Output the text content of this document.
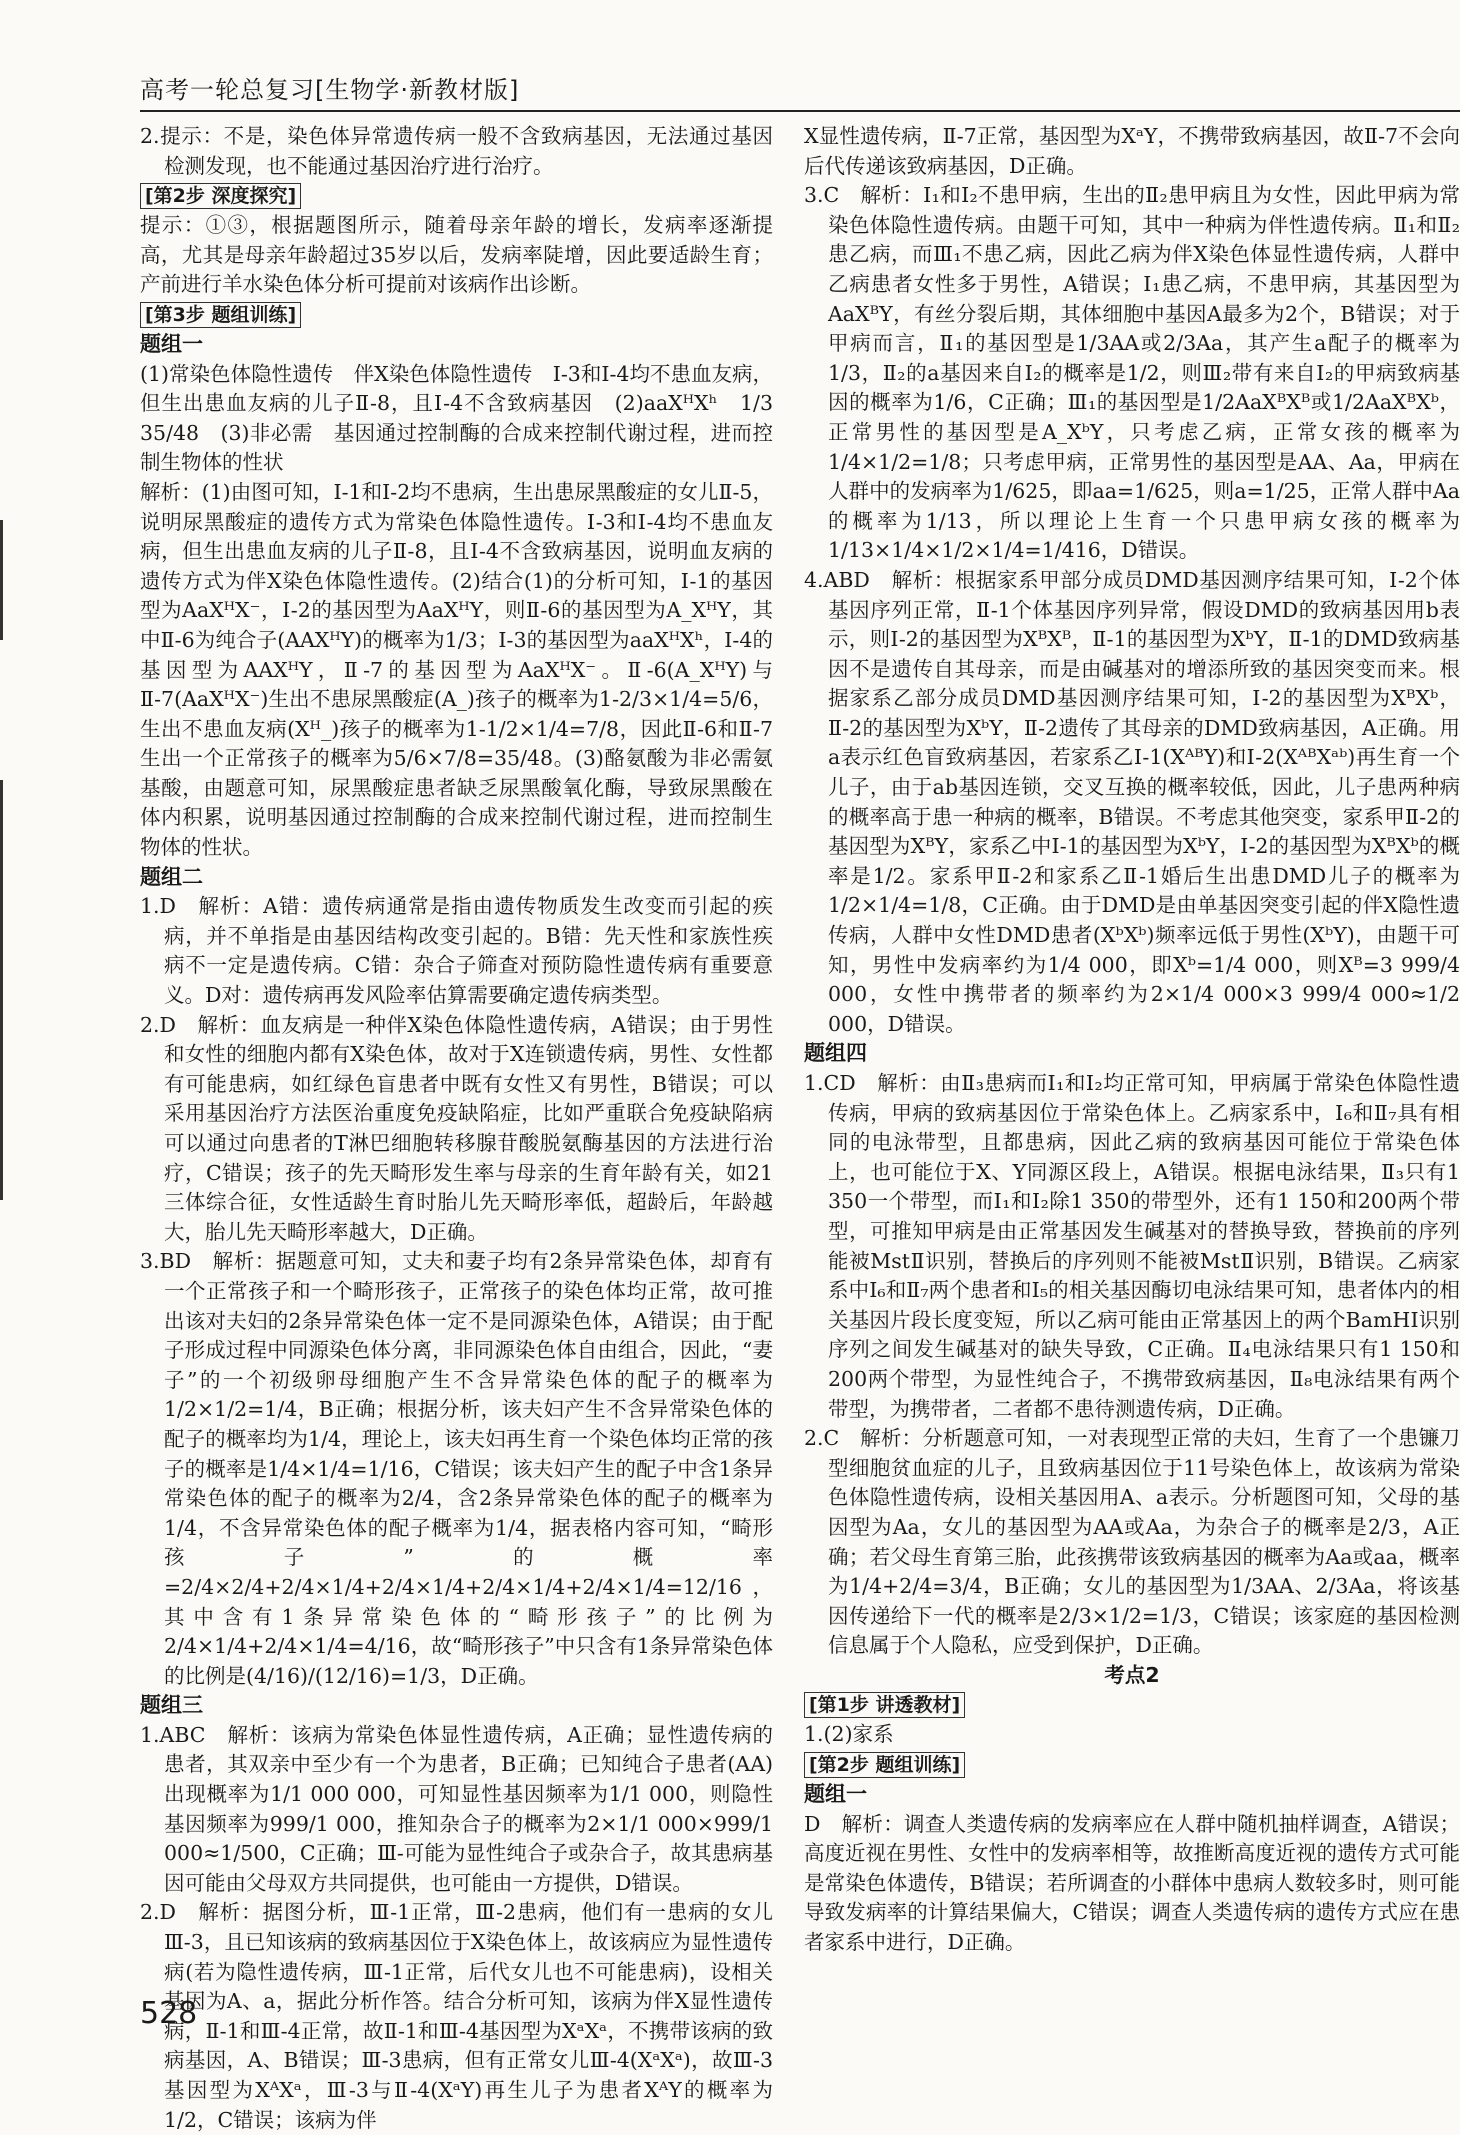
高考一轮总复习[生物学·新教材版]
2.提示：不是，染色体异常遗传病一般不含致病基因，无法通过基因检测发现，也不能通过基因治疗进行治疗。
[第2步 深度探究]
提示：①③，根据题图所示，随着母亲年龄的增长，发病率逐渐提高，尤其是母亲年龄超过35岁以后，发病率陡增，因此要适龄生育；产前进行羊水染色体分析可提前对该病作出诊断。
[第3步 题组训练]
题组一
(1)常染色体隐性遗传　伴X染色体隐性遗传　Ⅰ-3和Ⅰ-4均不患血友病，但生出患血友病的儿子Ⅱ-8，且Ⅰ-4不含致病基因　(2)aaXᴴXʰ　1/3　35/48　(3)非必需　基因通过控制酶的合成来控制代谢过程，进而控制生物体的性状
解析：(1)由图可知，Ⅰ-1和Ⅰ-2均不患病，生出患尿黑酸症的女儿Ⅱ-5，说明尿黑酸症的遗传方式为常染色体隐性遗传。Ⅰ-3和Ⅰ-4均不患血友病，但生出患血友病的儿子Ⅱ-8，且Ⅰ-4不含致病基因，说明血友病的遗传方式为伴X染色体隐性遗传。(2)结合(1)的分析可知，Ⅰ-1的基因型为AaXᴴX⁻，Ⅰ-2的基因型为AaXᴴY，则Ⅱ-6的基因型为A_XᴴY，其中Ⅱ-6为纯合子(AAXᴴY)的概率为1/3；Ⅰ-3的基因型为aaXᴴXʰ，Ⅰ-4的基因型为AAXᴴY，Ⅱ-7的基因型为AaXᴴX⁻。Ⅱ-6(A_XᴴY)与Ⅱ-7(AaXᴴX⁻)生出不患尿黑酸症(A_)孩子的概率为1-2/3×1/4=5/6，生出不患血友病(Xᴴ_)孩子的概率为1-1/2×1/4=7/8，因此Ⅱ-6和Ⅱ-7生出一个正常孩子的概率为5/6×7/8=35/48。(3)酪氨酸为非必需氨基酸，由题意可知，尿黑酸症患者缺乏尿黑酸氧化酶，导致尿黑酸在体内积累，说明基因通过控制酶的合成来控制代谢过程，进而控制生物体的性状。
题组二
1.D　解析：A错：遗传病通常是指由遗传物质发生改变而引起的疾病，并不单指是由基因结构改变引起的。B错：先天性和家族性疾病不一定是遗传病。C错：杂合子筛查对预防隐性遗传病有重要意义。D对：遗传病再发风险率估算需要确定遗传病类型。
2.D　解析：血友病是一种伴X染色体隐性遗传病，A错误；由于男性和女性的细胞内都有X染色体，故对于X连锁遗传病，男性、女性都有可能患病，如红绿色盲患者中既有女性又有男性，B错误；可以采用基因治疗方法医治重度免疫缺陷症，比如严重联合免疫缺陷病可以通过向患者的T淋巴细胞转移腺苷酸脱氨酶基因的方法进行治疗，C错误；孩子的先天畸形发生率与母亲的生育年龄有关，如21三体综合征，女性适龄生育时胎儿先天畸形率低，超龄后，年龄越大，胎儿先天畸形率越大，D正确。
3.BD　解析：据题意可知，丈夫和妻子均有2条异常染色体，却育有一个正常孩子和一个畸形孩子，正常孩子的染色体均正常，故可推出该对夫妇的2条异常染色体一定不是同源染色体，A错误；由于配子形成过程中同源染色体分离，非同源染色体自由组合，因此，“妻子”的一个初级卵母细胞产生不含异常染色体的配子的概率为1/2×1/2=1/4，B正确；根据分析，该夫妇产生不含异常染色体的配子的概率均为1/4，理论上，该夫妇再生育一个染色体均正常的孩子的概率是1/4×1/4=1/16，C错误；该夫妇产生的配子中含1条异常染色体的配子的概率为2/4，含2条异常染色体的配子的概率为1/4，不含异常染色体的配子概率为1/4，据表格内容可知，“畸形孩子”的概率=2/4×2/4+2/4×1/4+2/4×1/4+2/4×1/4+2/4×1/4=12/16，其中含有1条异常染色体的“畸形孩子”的比例为2/4×1/4+2/4×1/4=4/16，故“畸形孩子”中只含有1条异常染色体的比例是(4/16)/(12/16)=1/3，D正确。
题组三
1.ABC　解析：该病为常染色体显性遗传病，A正确；显性遗传病的患者，其双亲中至少有一个为患者，B正确；已知纯合子患者(AA)出现概率为1/1 000 000，可知显性基因频率为1/1 000，则隐性基因频率为999/1 000，推知杂合子的概率为2×1/1 000×999/1 000≈1/500，C正确；Ⅲ-可能为显性纯合子或杂合子，故其患病基因可能由父母双方共同提供，也可能由一方提供，D错误。
2.D　解析：据图分析，Ⅲ-1正常，Ⅲ-2患病，他们有一患病的女儿Ⅲ-3，且已知该病的致病基因位于X染色体上，故该病应为显性遗传病(若为隐性遗传病，Ⅲ-1正常，后代女儿也不可能患病)，设相关基因为A、a，据此分析作答。结合分析可知，该病为伴X显性遗传病，Ⅱ-1和Ⅲ-4正常，故Ⅱ-1和Ⅲ-4基因型为XᵃXᵃ，不携带该病的致病基因，A、B错误；Ⅲ-3患病，但有正常女儿Ⅲ-4(XᵃXᵃ)，故Ⅲ-3基因型为XᴬXᵃ，Ⅲ-3与Ⅱ-4(XᵃY)再生儿子为患者XᴬY的概率为1/2，C错误；该病为伴
X显性遗传病，Ⅱ-7正常，基因型为XᵃY，不携带致病基因，故Ⅱ-7不会向后代传递该致病基因，D正确。
3.C　解析：Ⅰ₁和Ⅰ₂不患甲病，生出的Ⅱ₂患甲病且为女性，因此甲病为常染色体隐性遗传病。由题干可知，其中一种病为伴性遗传病。Ⅱ₁和Ⅱ₂患乙病，而Ⅲ₁不患乙病，因此乙病为伴X染色体显性遗传病，人群中乙病患者女性多于男性，A错误；Ⅰ₁患乙病，不患甲病，其基因型为AaXᴮY，有丝分裂后期，其体细胞中基因A最多为2个，B错误；对于甲病而言，Ⅱ₁的基因型是1/3AA或2/3Aa，其产生a配子的概率为1/3，Ⅱ₂的a基因来自Ⅰ₂的概率是1/2，则Ⅲ₂带有来自Ⅰ₂的甲病致病基因的概率为1/6，C正确；Ⅲ₁的基因型是1/2AaXᴮXᴮ或1/2AaXᴮXᵇ，正常男性的基因型是A_XᵇY，只考虑乙病，正常女孩的概率为1/4×1/2=1/8；只考虑甲病，正常男性的基因型是AA、Aa，甲病在人群中的发病率为1/625，即aa=1/625，则a=1/25，正常人群中Aa的概率为1/13，所以理论上生育一个只患甲病女孩的概率为1/13×1/4×1/2×1/4=1/416，D错误。
4.ABD　解析：根据家系甲部分成员DMD基因测序结果可知，Ⅰ-2个体基因序列正常，Ⅱ-1个体基因序列异常，假设DMD的致病基因用b表示，则Ⅰ-2的基因型为XᴮXᴮ，Ⅱ-1的基因型为XᵇY，Ⅱ-1的DMD致病基因不是遗传自其母亲，而是由碱基对的增添所致的基因突变而来。根据家系乙部分成员DMD基因测序结果可知，Ⅰ-2的基因型为XᴮXᵇ，Ⅱ-2的基因型为XᵇY，Ⅱ-2遗传了其母亲的DMD致病基因，A正确。用a表示红色盲致病基因，若家系乙Ⅰ-1(XᴬᴮY)和Ⅰ-2(XᴬᴮXᵃᵇ)再生育一个儿子，由于ab基因连锁，交叉互换的概率较低，因此，儿子患两种病的概率高于患一种病的概率，B错误。不考虑其他突变，家系甲Ⅱ-2的基因型为XᴮY，家系乙中Ⅰ-1的基因型为XᵇY，Ⅰ-2的基因型为XᴮXᵇ的概率是1/2。家系甲Ⅱ-2和家系乙Ⅱ-1婚后生出患DMD儿子的概率为1/2×1/4=1/8，C正确。由于DMD是由单基因突变引起的伴X隐性遗传病，人群中女性DMD患者(XᵇXᵇ)频率远低于男性(XᵇY)，由题干可知，男性中发病率约为1/4 000，即Xᵇ=1/4 000，则Xᴮ=3 999/4 000，女性中携带者的频率约为2×1/4 000×3 999/4 000≈1/2 000，D错误。
题组四
1.CD　解析：由Ⅱ₃患病而Ⅰ₁和Ⅰ₂均正常可知，甲病属于常染色体隐性遗传病，甲病的致病基因位于常染色体上。乙病家系中，Ⅰ₆和Ⅱ₇具有相同的电泳带型，且都患病，因此乙病的致病基因可能位于常染色体上，也可能位于X、Y同源区段上，A错误。根据电泳结果，Ⅱ₃只有1 350一个带型，而Ⅰ₁和Ⅰ₂除1 350的带型外，还有1 150和200两个带型，可推知甲病是由正常基因发生碱基对的替换导致，替换前的序列能被MstⅡ识别，替换后的序列则不能被MstⅡ识别，B错误。乙病家系中Ⅰ₆和Ⅱ₇两个患者和Ⅰ₅的相关基因酶切电泳结果可知，患者体内的相关基因片段长度变短，所以乙病可能由正常基因上的两个BamHⅠ识别序列之间发生碱基对的缺失导致，C正确。Ⅱ₄电泳结果只有1 150和200两个带型，为显性纯合子，不携带致病基因，Ⅱ₈电泳结果有两个带型，为携带者，二者都不患待测遗传病，D正确。
2.C　解析：分析题意可知，一对表现型正常的夫妇，生育了一个患镰刀型细胞贫血症的儿子，且致病基因位于11号染色体上，故该病为常染色体隐性遗传病，设相关基因用A、a表示。分析题图可知，父母的基因型为Aa，女儿的基因型为AA或Aa，为杂合子的概率是2/3，A正确；若父母生育第三胎，此孩携带该致病基因的概率为Aa或aa，概率为1/4+2/4=3/4，B正确；女儿的基因型为1/3AA、2/3Aa，将该基因传递给下一代的概率是2/3×1/2=1/3，C错误；该家庭的基因检测信息属于个人隐私，应受到保护，D正确。
考点2
[第1步 讲透教材]
1.(2)家系
[第2步 题组训练]
题组一
D　解析：调查人类遗传病的发病率应在人群中随机抽样调查，A错误；高度近视在男性、女性中的发病率相等，故推断高度近视的遗传方式可能是常染色体遗传，B错误；若所调查的小群体中患病人数较多时，则可能导致发病率的计算结果偏大，C错误；调查人类遗传病的遗传方式应在患者家系中进行，D正确。
528
